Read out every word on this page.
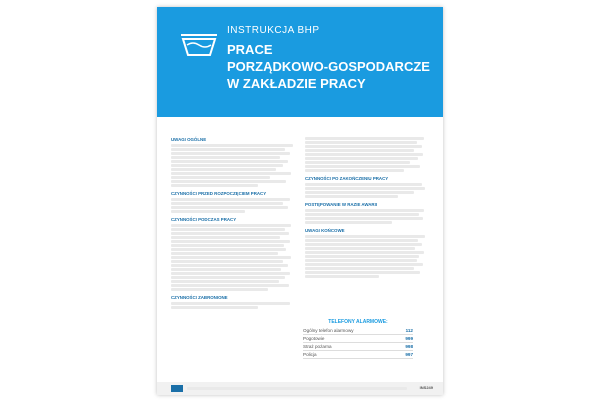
INSTRUKCJA BHP
PRACE
PORZĄDKOWO-GOSPODARCZE
W ZAKŁADZIE PRACY
UWAGI OGÓLNE
CZYNNOŚCI PRZED ROZPOCZĘCIEM PRACY
CZYNNOŚCI PODCZAS PRACY
CZYNNOŚCI ZABRONIONE
CZYNNOŚCI PO ZAKOŃCZENIU PRACY
POSTĘPOWANIE W RAZIE AWARII
UWAGI KOŃCOWE
TELEFONY ALARMOWE:
Ogólny telefon alarmowy	112
Pogotowie	999
Straż pożarna	998
Policja	997
INS249
